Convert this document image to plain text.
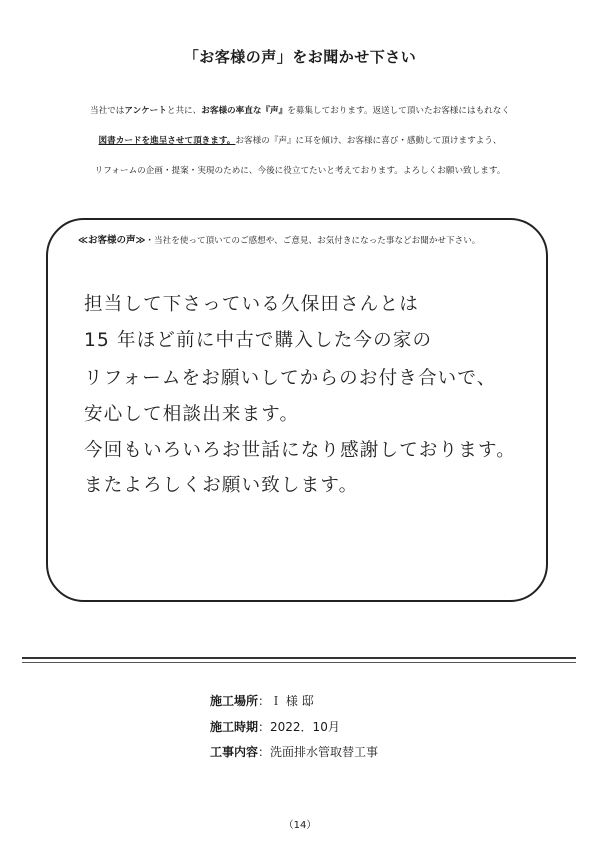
「お客様の声」をお聞かせ下さい
当社ではアンケートと共に、お客様の率直な『声』を募集しております。返送して頂いたお客様にはもれなく
図書カードを進呈させて頂きます。お客様の『声』に耳を傾け、お客様に喜び・感動して頂けますよう、
リフォームの企画・提案・実現のために、今後に役立てたいと考えております。よろしくお願い致します。
≪お客様の声≫・当社を使って頂いてのご感想や、ご意見、お気付きになった事などお聞かせ下さい。
担当して下さっている久保田さんとは
15 年ほど前に中古で購入した今の家の
リフォームをお願いしてからのお付き合いで、
安心して相談出来ます。
今回もいろいろお世話になり感謝しております。
またよろしくお願い致します。
施工場所：Ｉ 様 邸
施工時期：2022．10月
工事内容：洗面排水管取替工事
（14）
